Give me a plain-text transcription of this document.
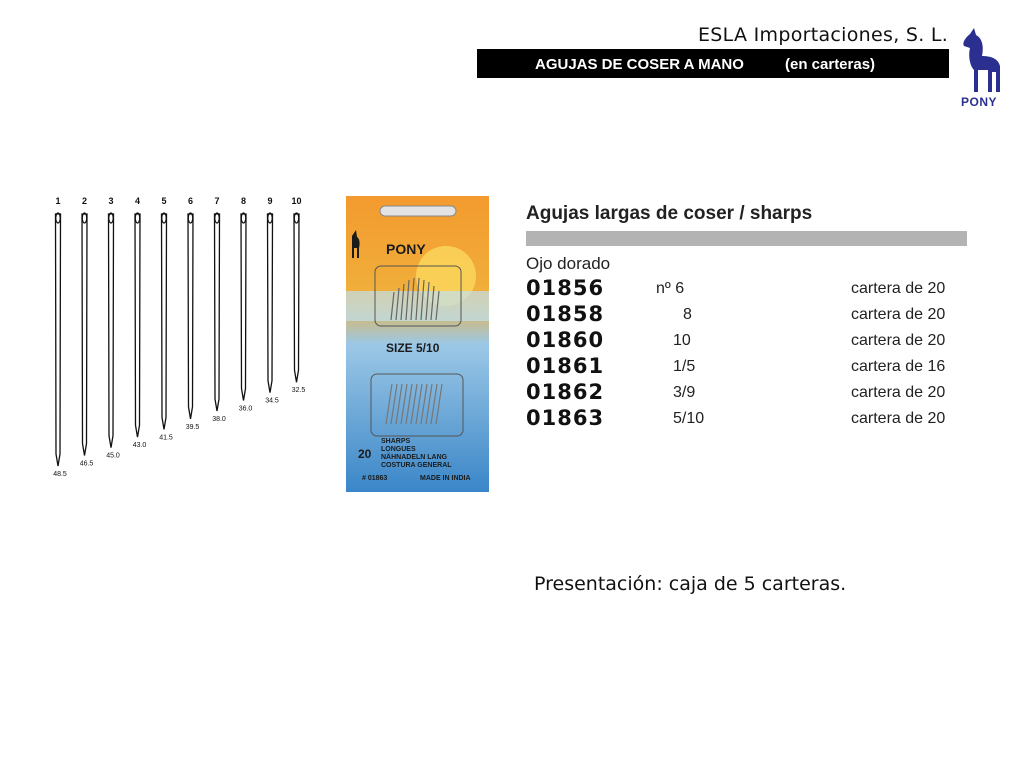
ESLA Importaciones, S. L.
AGUJAS DE COSER A MANO	(en carteras)
PONY
1
48.5
2
46.5
3
45.0
4
43.0
5
41.5
6
39.5
7
38.0
8
36.0
9
34.5
10
32.5
PONY
SIZE 5/10
20
SHARPS
LONGUES
NÄHNADELN LANG
COSTURA GENERAL
# 01863	MADE IN INDIA
Agujas largas de coser / sharps
Ojo dorado
01856	nº 6	cartera de 20
01858	8	cartera de 20
01860	10	cartera de 20
01861	1/5	cartera de 16
01862	3/9	cartera de 20
01863	5/10	cartera de 20
Presentación: caja de 5 carteras.
